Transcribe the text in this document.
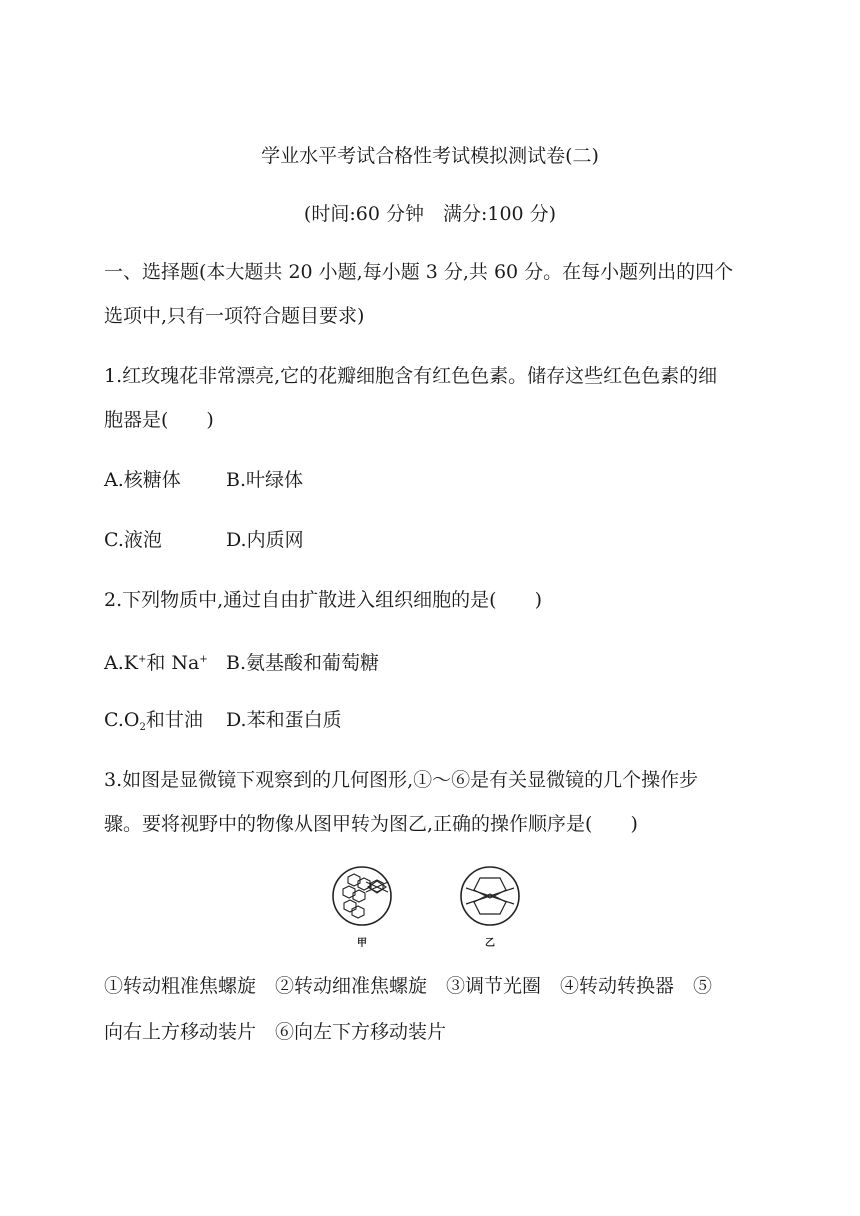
学业水平考试合格性考试模拟测试卷(二)
(时间:60 分钟　满分:100 分)
一、选择题(本大题共 20 小题,每小题 3 分,共 60 分。在每小题列出的四个
选项中,只有一项符合题目要求)
1.红玫瑰花非常漂亮,它的花瓣细胞含有红色色素。储存这些红色色素的细
胞器是(　　)
A.核糖体 B.叶绿体
C.液泡	D.内质网
2.下列物质中,通过自由扩散进入组织细胞的是(　　)
A.K+和 Na+ B.氨基酸和葡萄糖
$C.O_2$和甘油 D.苯和蛋白质
3.如图是显微镜下观察到的几何图形,①～⑥是有关显微镜的几个操作步
骤。要将视野中的物像从图甲转为图乙,正确的操作顺序是(　　)
甲	乙
①转动粗准焦螺旋　②转动细准焦螺旋　③调节光圈　④转动转换器　⑤
向右上方移动装片　⑥向左下方移动装片
